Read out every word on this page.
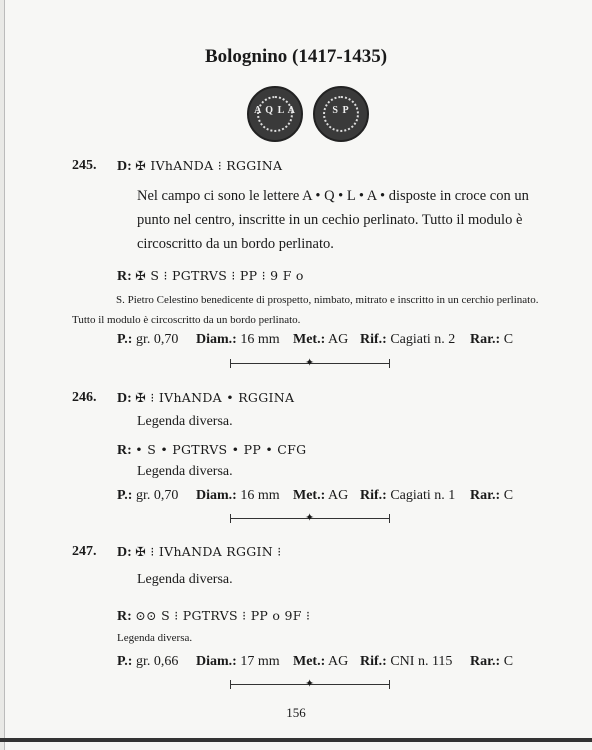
Bolognino (1417-1435)
A Q L A	S P
245. D: ✠ IVhANDA ⁝ RGGINA
Nel campo ci sono le lettere A • Q • L • A • disposte in croce con un punto nel centro, inscritte in un cechio perlinato. Tutto il modulo è circoscritto da un bordo perlinato.
R: ✠ S ⁝ PGTRVS ⁝ PP ⁝ 9 F o
S. Pietro Celestino benedicente di prospetto, nimbato, mitrato e inscritto in un cerchio perlinato. Tutto il modulo è circoscritto da un bordo perlinato.
P.: gr. 0,70 Diam.: 16 mm Met.: AG Rif.: Cagiati n. 2 Rar.: C
✦
246. D: ✠ ⁝ IVhANDA • RGGINA
Legenda diversa.
R: • S • PGTRVS • PP • CFG
Legenda diversa.
P.: gr. 0,70 Diam.: 16 mm Met.: AG Rif.: Cagiati n. 1 Rar.: C
✦
247. D: ✠ ⁝ IVhANDA RGGIN ⁝
Legenda diversa.
R: ⊙⊙ S ⁝ PGTRVS ⁝ PP o 9F ⁝
Legenda diversa.
P.: gr. 0,66 Diam.: 17 mm Met.: AG Rif.: CNI n. 115 Rar.: C
✦
156
